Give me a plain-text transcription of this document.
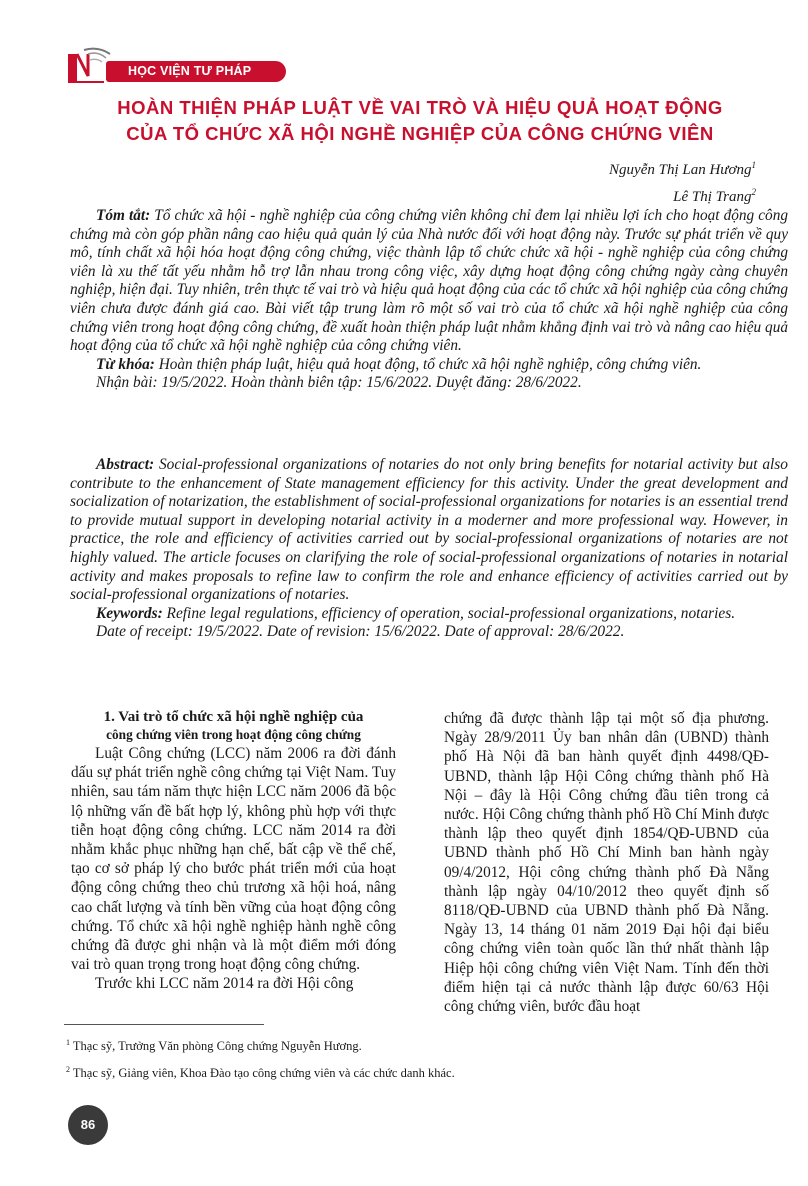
HỌC VIỆN TƯ PHÁP
HOÀN THIỆN PHÁP LUẬT VỀ VAI TRÒ VÀ HIỆU QUẢ HOẠT ĐỘNG
CỦA TỔ CHỨC XÃ HỘI NGHỀ NGHIỆP CỦA CÔNG CHỨNG VIÊN
Nguyễn Thị Lan Hương$^1$
Lê Thị Trang$^2$

Tóm tắt: Tổ chức xã hội - nghề nghiệp của công chứng viên không chỉ đem lại nhiều lợi ích cho hoạt động công chứng mà còn góp phần nâng cao hiệu quả quản lý của Nhà nước đối với hoạt động này. Trước sự phát triển về quy mô, tính chất xã hội hóa hoạt động công chứng, việc thành lập tổ chức chức xã hội - nghề nghiệp của công chứng viên là xu thế tất yếu nhằm hỗ trợ lẫn nhau trong công việc, xây dựng hoạt động công chứng ngày càng chuyên nghiệp, hiện đại. Tuy nhiên, trên thực tế vai trò và hiệu quả hoạt động của các tổ chức xã hội nghiệp của công chứng viên chưa được đánh giá cao. Bài viết tập trung làm rõ một số vai trò của tổ chức xã hội nghề nghiệp của công chứng viên trong hoạt động công chứng, đề xuất hoàn thiện pháp luật nhằm khẳng định vai trò và nâng cao hiệu quả hoạt động của tổ chức xã hội nghề nghiệp của công chứng viên.

Từ khóa: Hoàn thiện pháp luật, hiệu quả hoạt động, tổ chức xã hội nghề nghiệp, công chứng viên.

Nhận bài: 19/5/2022. Hoàn thành biên tập: 15/6/2022. Duyệt đăng: 28/6/2022.

Abstract: Social-professional organizations of notaries do not only bring benefits for notarial activity but also contribute to the enhancement of State management efficiency for this activity. Under the great development and socialization of notarization, the establishment of social-professional organizations for notaries is an essential trend to provide mutual support in developing notarial activity in a moderner and more professional way. However, in practice, the role and efficiency of activities carried out by social-professional organizations of notaries are not highly valued. The article focuses on clarifying the role of social-professional organizations of notaries in notarial activity and makes proposals to refine law to confirm the role and enhance efficiency of activities carried out by social-professional organizations of notaries.

Keywords: Refine legal regulations, efficiency of operation, social-professional organizations, notaries.

Date of receipt: 19/5/2022. Date of revision: 15/6/2022. Date of approval: 28/6/2022.

1. Vai trò tổ chức xã hội nghề nghiệp của
công chứng viên trong hoạt động công chứng

Luật Công chứng (LCC) năm 2006 ra đời đánh dấu sự phát triển nghề công chứng tại Việt Nam. Tuy nhiên, sau tám năm thực hiện LCC năm 2006 đã bộc lộ những vấn đề bất hợp lý, không phù hợp với thực tiễn hoạt động công chứng. LCC năm 2014 ra đời nhằm khắc phục những hạn chế, bất cập về thể chế, tạo cơ sở pháp lý cho bước phát triển mới của hoạt động công chứng theo chủ trương xã hội hoá, nâng cao chất lượng và tính bền vững của hoạt động công chứng. Tổ chức xã hội nghề nghiệp hành nghề công chứng đã được ghi nhận và là một điểm mới đóng vai trò quan trọng trong hoạt động công chứng.

Trước khi LCC năm 2014 ra đời Hội công

chứng đã được thành lập tại một số địa phương. Ngày 28/9/2011 Ủy ban nhân dân (UBND) thành phố Hà Nội đã ban hành quyết định 4498/QĐ-UBND, thành lập Hội Công chứng thành phố Hà Nội – đây là Hội Công chứng đầu tiên trong cả nước. Hội Công chứng thành phố Hồ Chí Minh được thành lập theo quyết định 1854/QĐ-UBND của UBND thành phố Hồ Chí Minh ban hành ngày 09/4/2012, Hội công chứng thành phố Đà Nẵng thành lập ngày 04/10/2012 theo quyết định số 8118/QĐ-UBND của UBND thành phố Đà Nẵng. Ngày 13, 14 tháng 01 năm 2019 Đại hội đại biểu công chứng viên toàn quốc lần thứ nhất thành lập Hiệp hội công chứng viên Việt Nam. Tính đến thời điểm hiện tại cả nước thành lập được 60/63 Hội công chứng viên, bước đầu hoạt

$^1$ Thạc sỹ, Trưởng Văn phòng Công chứng Nguyễn Hương.

$^2$ Thạc sỹ, Giảng viên, Khoa Đào tạo công chứng viên và các chức danh khác.

86
